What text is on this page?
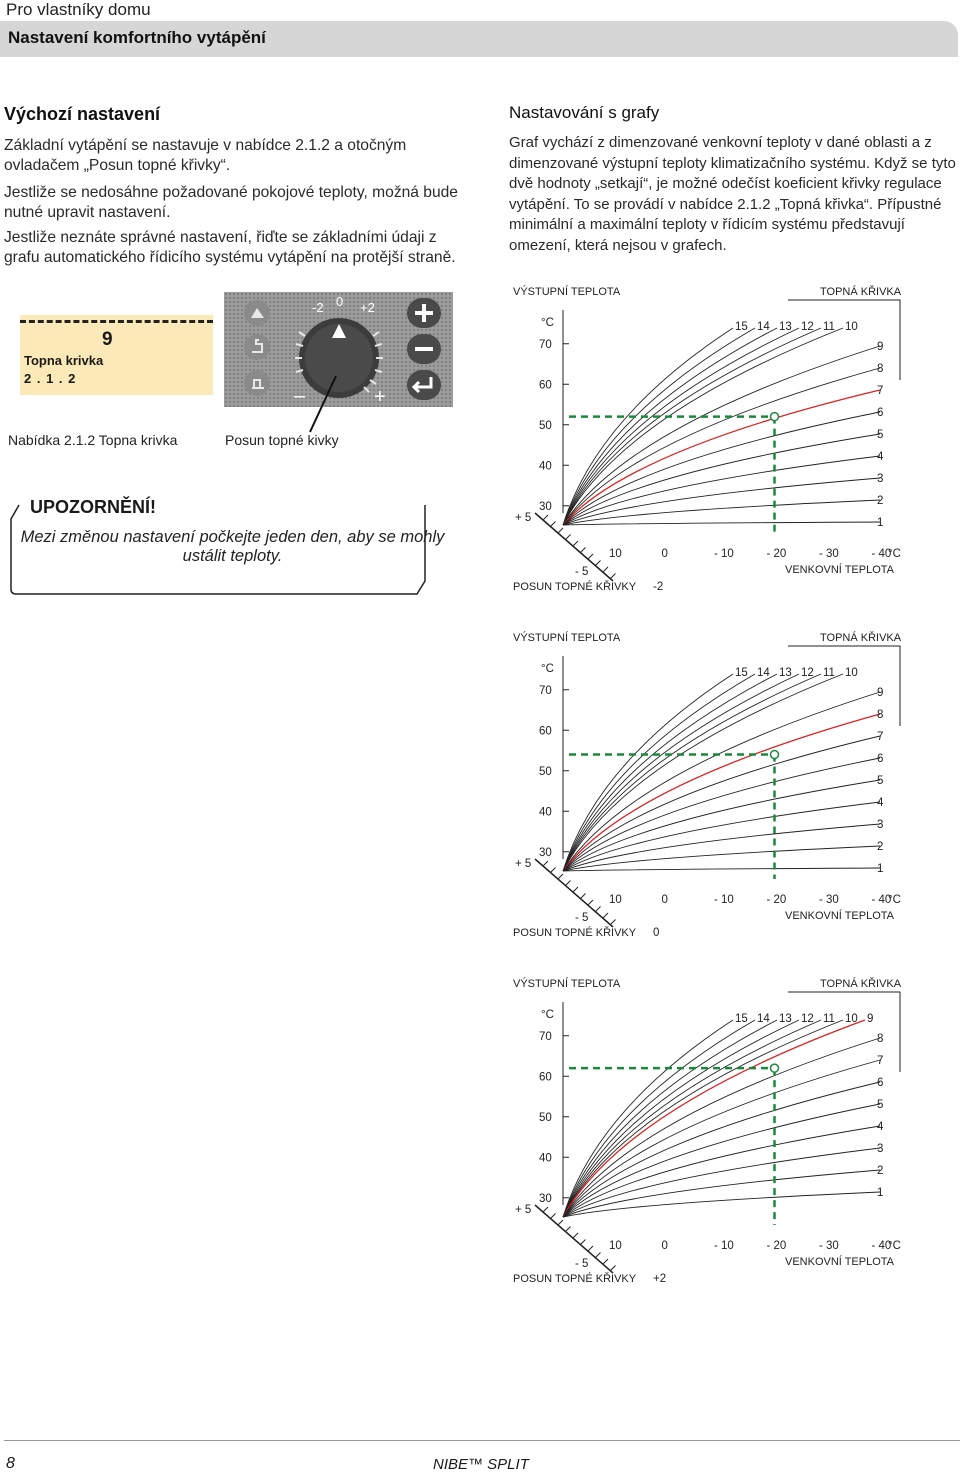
Pro vlastníky domu
Nastavení komfortního vytápění
Výchozí nastavení
Základní vytápění se nastavuje v nabídce 2.1.2 a otočným ovladačem „Posun topné křivky“.
Jestliže se nedosáhne požadované pokojové teploty, možná bude nutné upravit nastavení.
Jestliže neznáte správné nastavení, řiďte se základními údaji z grafu automatického řídicího systému vytápění na protější straně.
9
Topna krivka
2 . 1 . 2
-2 0 +2
–	+
Nabídka 2.1.2 Topna krivka	Posun topné kivky
UPOZORNĚNÍ!
Mezi změnou nastavení počkejte jeden den, aby se mohly ustálit teploty.
Nastavování s grafy
Graf vychází z dimenzované venkovní teploty v dané oblasti a z dimenzované výstupní teploty klimatizačního systému. Když se tyto dvě hodnoty „setkají“, je možné odečíst koeficient křivky regulace vytápění. To se provádí v nabídce 2.1.2 „Topná křivka“. Přípustné minimální a maximální teploty v řídicím systému představují omezení, která nejsou v grafech.
VÝSTUPNÍ TEPLOTA	TOPNÁ KŘIVKA
°C
70
60
50
40
30
+ 5
- 5
10	0	- 10	- 20	- 30	- 40
°C
VENKOVNÍ TEPLOTA
POSUN TOPNÉ KŘIVKY -2
15 14 13 12 11 10
9
8
7
6
5
4
3
2
1
VÝSTUPNÍ TEPLOTA	TOPNÁ KŘIVKA
°C
70
60
50
40
30
+ 5
- 5
10	0	- 10	- 20	- 30	- 40
°C
VENKOVNÍ TEPLOTA
POSUN TOPNÉ KŘIVKY 0
15 14 13 12 11 10
9
8
7
6
5
4
3
2
1
VÝSTUPNÍ TEPLOTA	TOPNÁ KŘIVKA
°C
70
60
50
40
30
+ 5
- 5
10	0	- 10	- 20	- 30	- 40
°C
VENKOVNÍ TEPLOTA
POSUN TOPNÉ KŘIVKY +2
15 14 13 12 11 10 9
8
7
6
5
4
3
2
1
8	NIBE™ SPLIT
